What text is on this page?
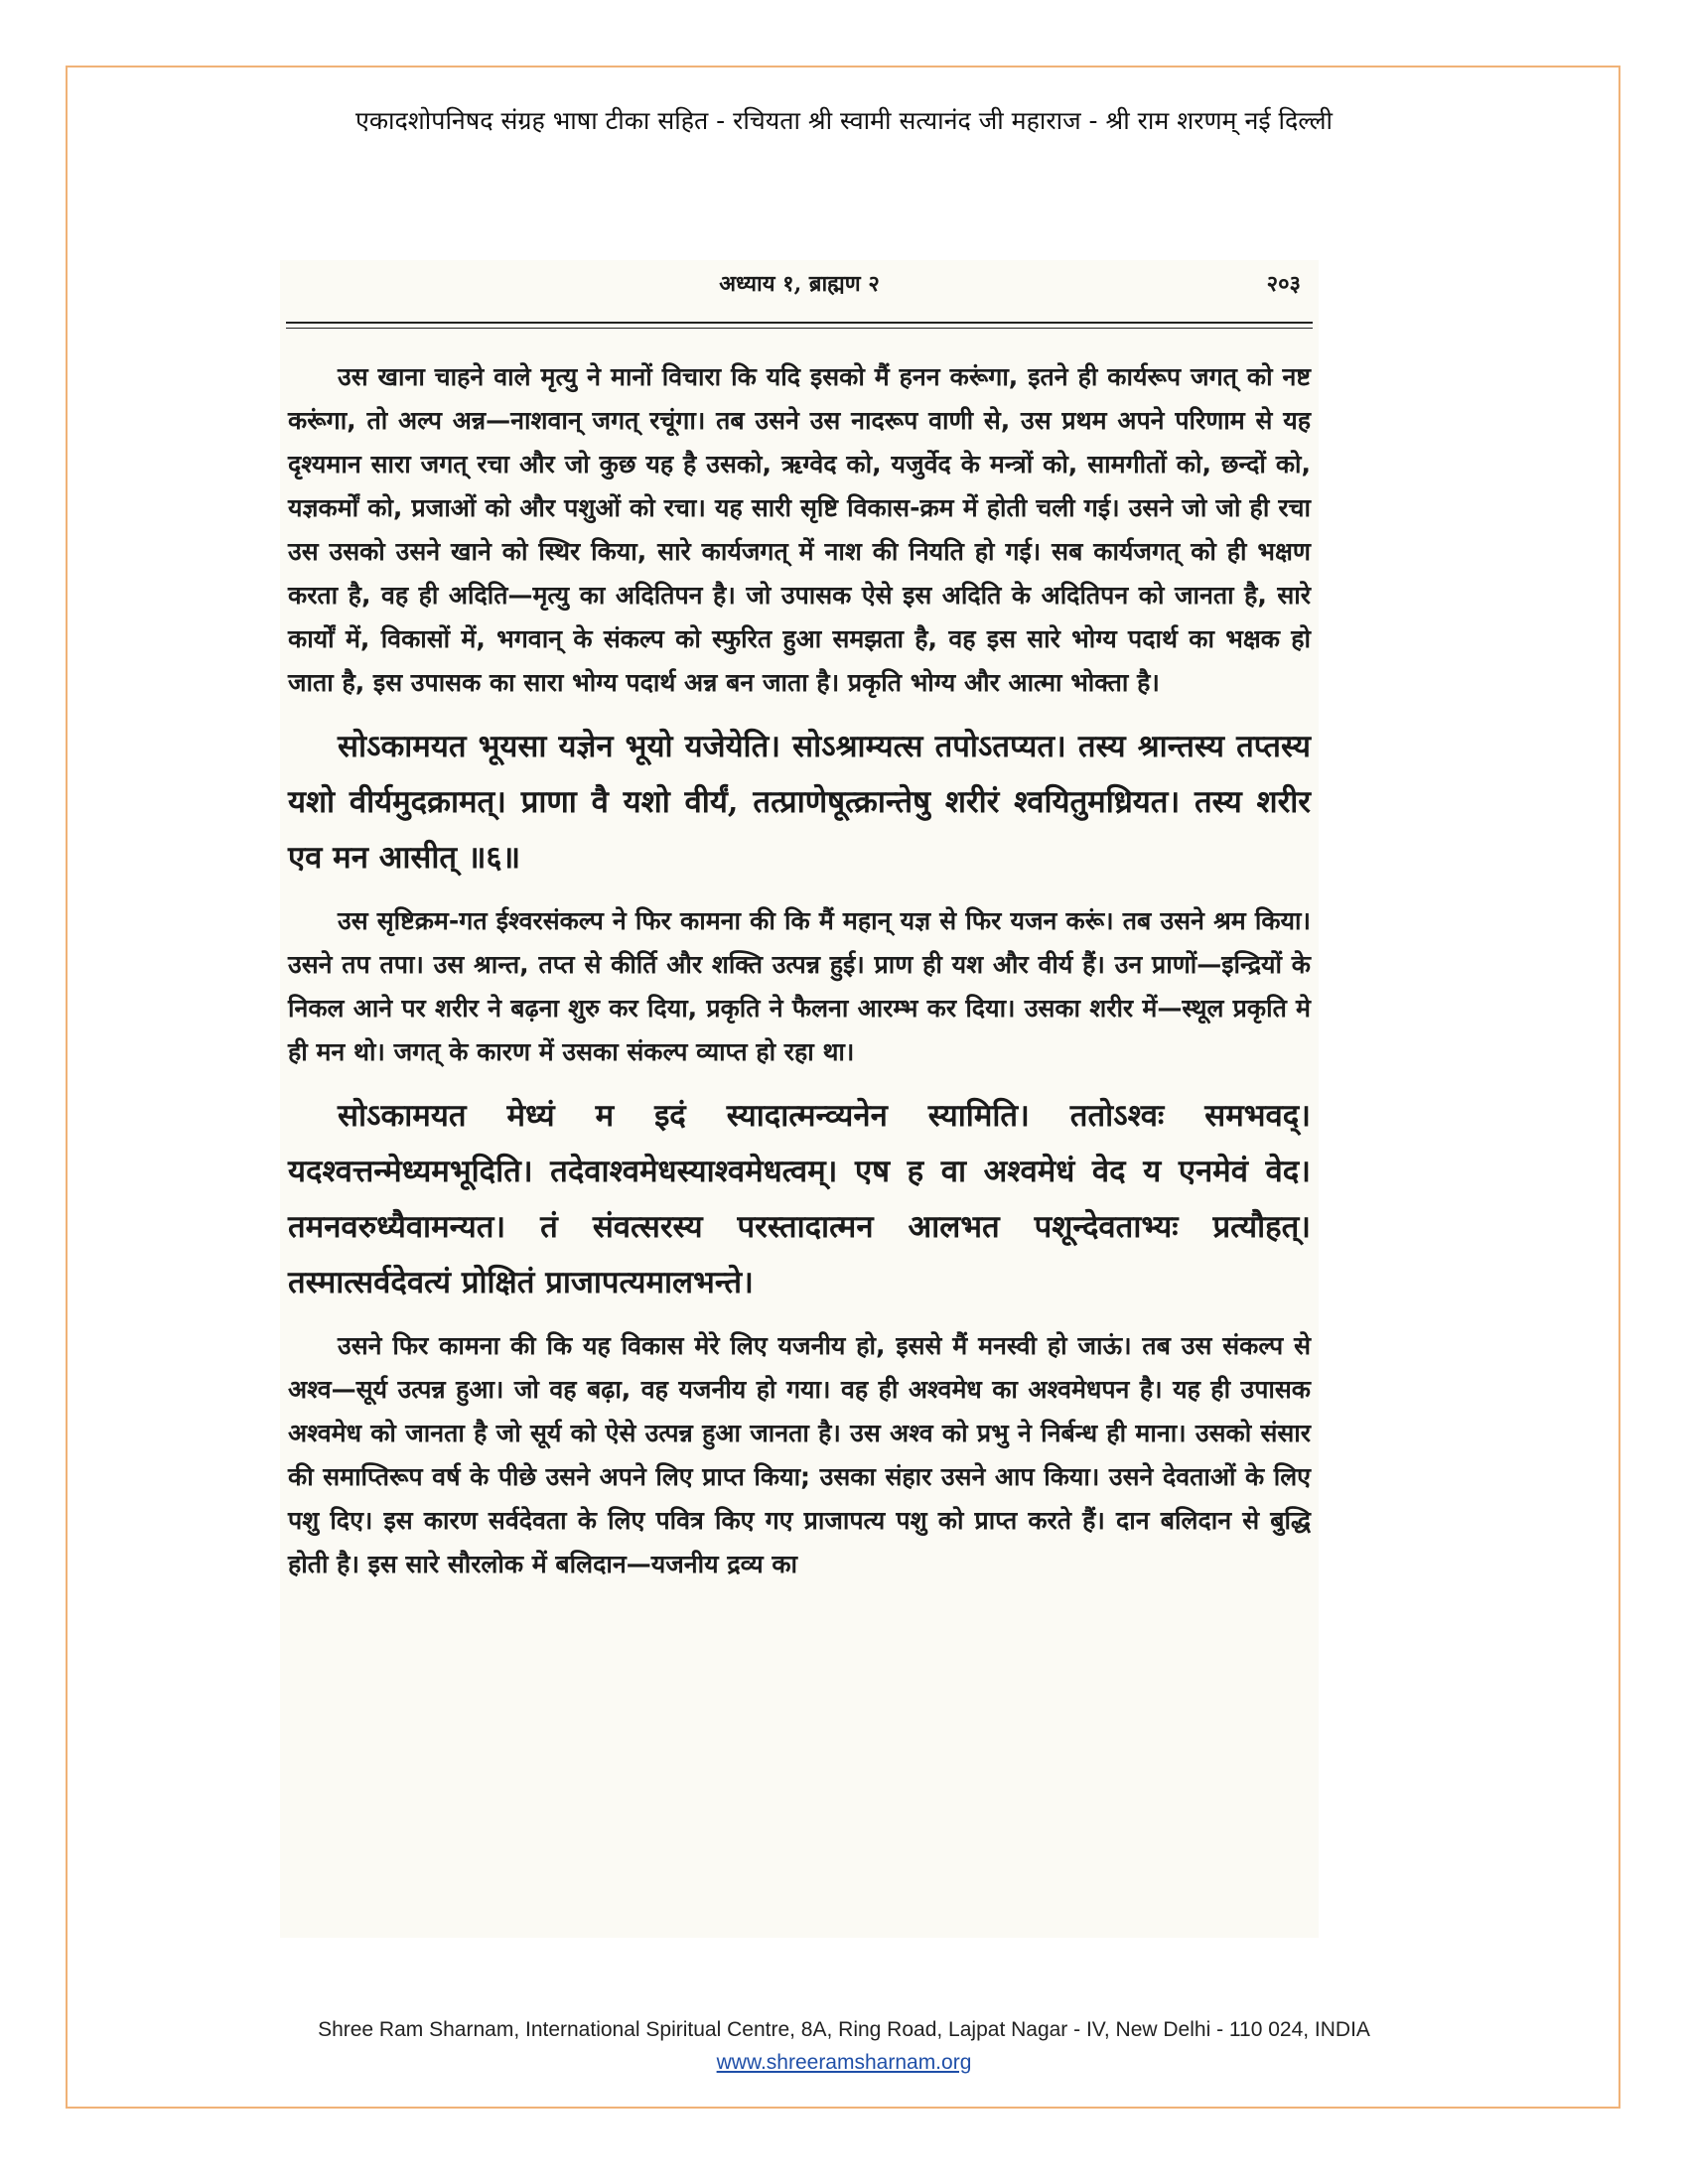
एकादशोपनिषद संग्रह भाषा टीका सहित - रचियता श्री स्वामी सत्यानंद जी महाराज - श्री राम शरणम् नई दिल्ली
अध्याय १, ब्राह्मण २	२०३

उस खाना चाहने वाले मृत्यु ने मानों विचारा कि यदि इसको मैं हनन करूंगा, इतने ही कार्यरूप जगत् को नष्ट करूंगा, तो अल्प अन्न—नाशवान् जगत् रचूंगा। तब उसने उस नादरूप वाणी से, उस प्रथम अपने परिणाम से यह दृश्यमान सारा जगत् रचा और जो कुछ यह है उसको, ऋग्वेद को, यजुर्वेद के मन्त्रों को, सामगीतों को, छन्दों को, यज्ञकर्मों को, प्रजाओं को और पशुओं को रचा। यह सारी सृष्टि विकास-क्रम में होती चली गई। उसने जो जो ही रचा उस उसको उसने खाने को स्थिर किया, सारे कार्यजगत् में नाश की नियति हो गई। सब कार्यजगत् को ही भक्षण करता है, वह ही अदिति—मृत्यु का अदितिपन है। जो उपासक ऐसे इस अदिति के अदितिपन को जानता है, सारे कार्यों में, विकासों में, भगवान् के संकल्प को स्फुरित हुआ समझता है, वह इस सारे भोग्य पदार्थ का भक्षक हो जाता है, इस उपासक का सारा भोग्य पदार्थ अन्न बन जाता है। प्रकृति भोग्य और आत्मा भोक्ता है।

सोऽकामयत भूयसा यज्ञेन भूयो यजेयेति। सोऽश्राम्यत्स तपोऽतप्यत। तस्य श्रान्तस्य तप्तस्य यशो वीर्यमुदक्रामत्। प्राणा वै यशो वीर्यं, तत्प्राणेषूत्क्रान्तेषु शरीरं श्वयितुमध्रियत। तस्य शरीर एव मन आसीत् ॥६॥

उस सृष्टिक्रम-गत ईश्वरसंकल्प ने फिर कामना की कि मैं महान् यज्ञ से फिर यजन करूं। तब उसने श्रम किया। उसने तप तपा। उस श्रान्त, तप्त से कीर्ति और शक्ति उत्पन्न हुई। प्राण ही यश और वीर्य हैं। उन प्राणों—इन्द्रियों के निकल आने पर शरीर ने बढ़ना शुरु कर दिया, प्रकृति ने फैलना आरम्भ कर दिया। उसका शरीर में—स्थूल प्रकृति मे ही मन थो। जगत् के कारण में उसका संकल्प व्याप्त हो रहा था।

सोऽकामयत मेध्यं म इदं स्यादात्मन्व्यनेन स्यामिति। ततोऽश्वः समभवद्। यदश्वत्तन्मेध्यमभूदिति। तदेवाश्वमेधस्याश्वमेधत्वम्। एष ह वा अश्वमेधं वेद य एनमेवं वेद। तमनवरुध्यैवामन्यत। तं संवत्सरस्य परस्तादात्मन आलभत पशून्देवताभ्यः प्रत्यौहत्। तस्मात्सर्वदेवत्यं प्रोक्षितं प्राजापत्यमालभन्ते।

उसने फिर कामना की कि यह विकास मेरे लिए यजनीय हो, इससे मैं मनस्वी हो जाऊं। तब उस संकल्प से अश्व—सूर्य उत्पन्न हुआ। जो वह बढ़ा, वह यजनीय हो गया। वह ही अश्वमेध का अश्वमेधपन है। यह ही उपासक अश्वमेध को जानता है जो सूर्य को ऐसे उत्पन्न हुआ जानता है। उस अश्व को प्रभु ने निर्बन्ध ही माना। उसको संसार की समाप्तिरूप वर्ष के पीछे उसने अपने लिए प्राप्त किया; उसका संहार उसने आप किया। उसने देवताओं के लिए पशु दिए। इस कारण सर्वदेवता के लिए पवित्र किए गए प्राजापत्य पशु को प्राप्त करते हैं। दान बलिदान से बुद्धि होती है। इस सारे सौरलोक में बलिदान—यजनीय द्रव्य का

Shree Ram Sharnam, International Spiritual Centre, 8A, Ring Road, Lajpat Nagar - IV, New Delhi - 110 024, INDIA
www.shreeramsharnam.org
